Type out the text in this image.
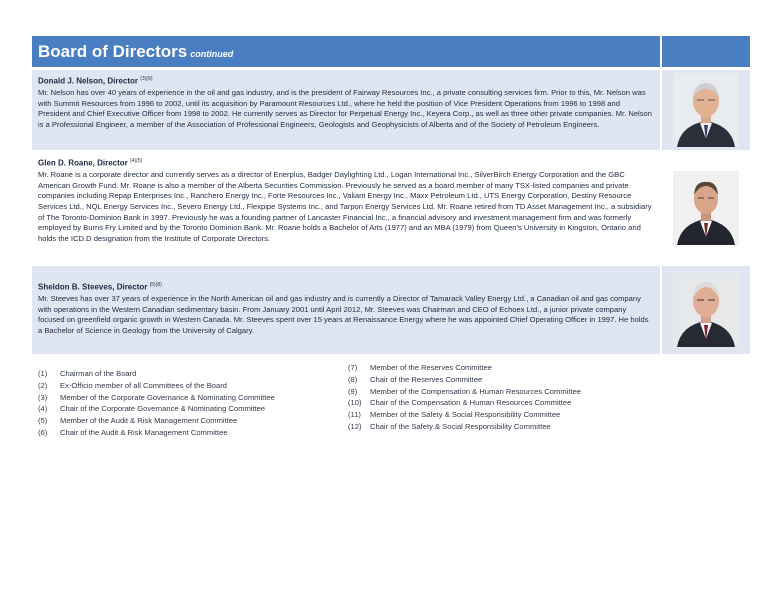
Board of Directors continued
Donald J. Nelson, Director $^{(3)(9)}$
Mr. Nelson has over 40 years of experience in the oil and gas industry, and is the president of Fairway Resources Inc., a private consulting services firm. Prior to this, Mr. Nelson was with Summit Resources from 1996 to 2002, until its acquisition by Paramount Resources Ltd., where he held the position of Vice President Operations from 1996 to 1998 and President and Chief Executive Officer from 1998 to 2002. He currently serves as Director for Perpetual Energy Inc., Keyera Corp., as well as three other private companies. Mr. Nelson is a Professional Engineer, a member of the Association of Professional Engineers, Geologists and Geophysicists of Alberta and of the Society of Petroleum Engineers.
Glen D. Roane, Director $^{(4)(5)}$
Mr. Roane is a corporate director and currently serves as a director of Enerplus, Badger Daylighting Ltd., Logan International Inc., SilverBirch Energy Corporation and the GBC American Growth Fund. Mr. Roane is also a member of the Alberta Securities Commission. Previously he served as a board member of many TSX-listed companies and private companies including Repap Enterprises Inc., Ranchero Energy Inc., Forte Resources Inc., Valiant Energy Inc., Maxx Petroleum Ltd., UTS Energy Corporation, Destiny Resource Services Ltd., NQL Energy Services Inc., Severo Energy Ltd., Flexpipe Systems Inc., and Tarpon Energy Services Ltd. Mr. Roane retired from TD Asset Management Inc., a subsidiary of The Toronto-Dominion Bank in 1997. Previously he was a founding partner of Lancaster Financial Inc., a financial advisory and investment management firm and was formerly employed by Burns Fry Limited and by the Toronto Dominion Bank. Mr. Roane holds a Bachelor of Arts (1977) and an MBA (1979) from Queen's University in Kingston, Ontario and holds the ICD.D designation from the Institute of Corporate Directors.
Sheldon B. Steeves, Director $^{(5)(8)}$
Mr. Steeves has over 37 years of experience in the North American oil and gas industry and is currently a Director of Tamarack Valley Energy Ltd., a Canadian oil and gas company with operations in the Western Canadian sedimentary basin. From January 2001 until April 2012, Mr. Steeves was Chairman and CEO of Echoex Ltd., a junior private company focused on greenfield organic growth in Western Canada. Mr. Steeves spent over 15 years at Renaissance Energy where he was appointed Chief Operating Officer in 1997. He holds a Bachelor of Science in Geology from the University of Calgary.
(1)	Chairman of the Board
(2)	Ex-Officio member of all Committees of the Board
(3)	Member of the Corporate Governance & Nominating Committee
(4)	Chair of the Corporate Governance & Nominating Committee
(5)	Member of the Audit & Risk Management Committee
(6)	Chair of the Audit & Risk Management Committee
(7)	Member of the Reserves Committee
(8)	Chair of the Reserves Committee
(9)	Member of the Compensation & Human Resources Committee
(10)	Chair of the Compensation & Human Resources Committee
(11)	Member of the Safety & Social Responsibility Committee
(12)	Chair of the Safety & Social Responsibility Committee
